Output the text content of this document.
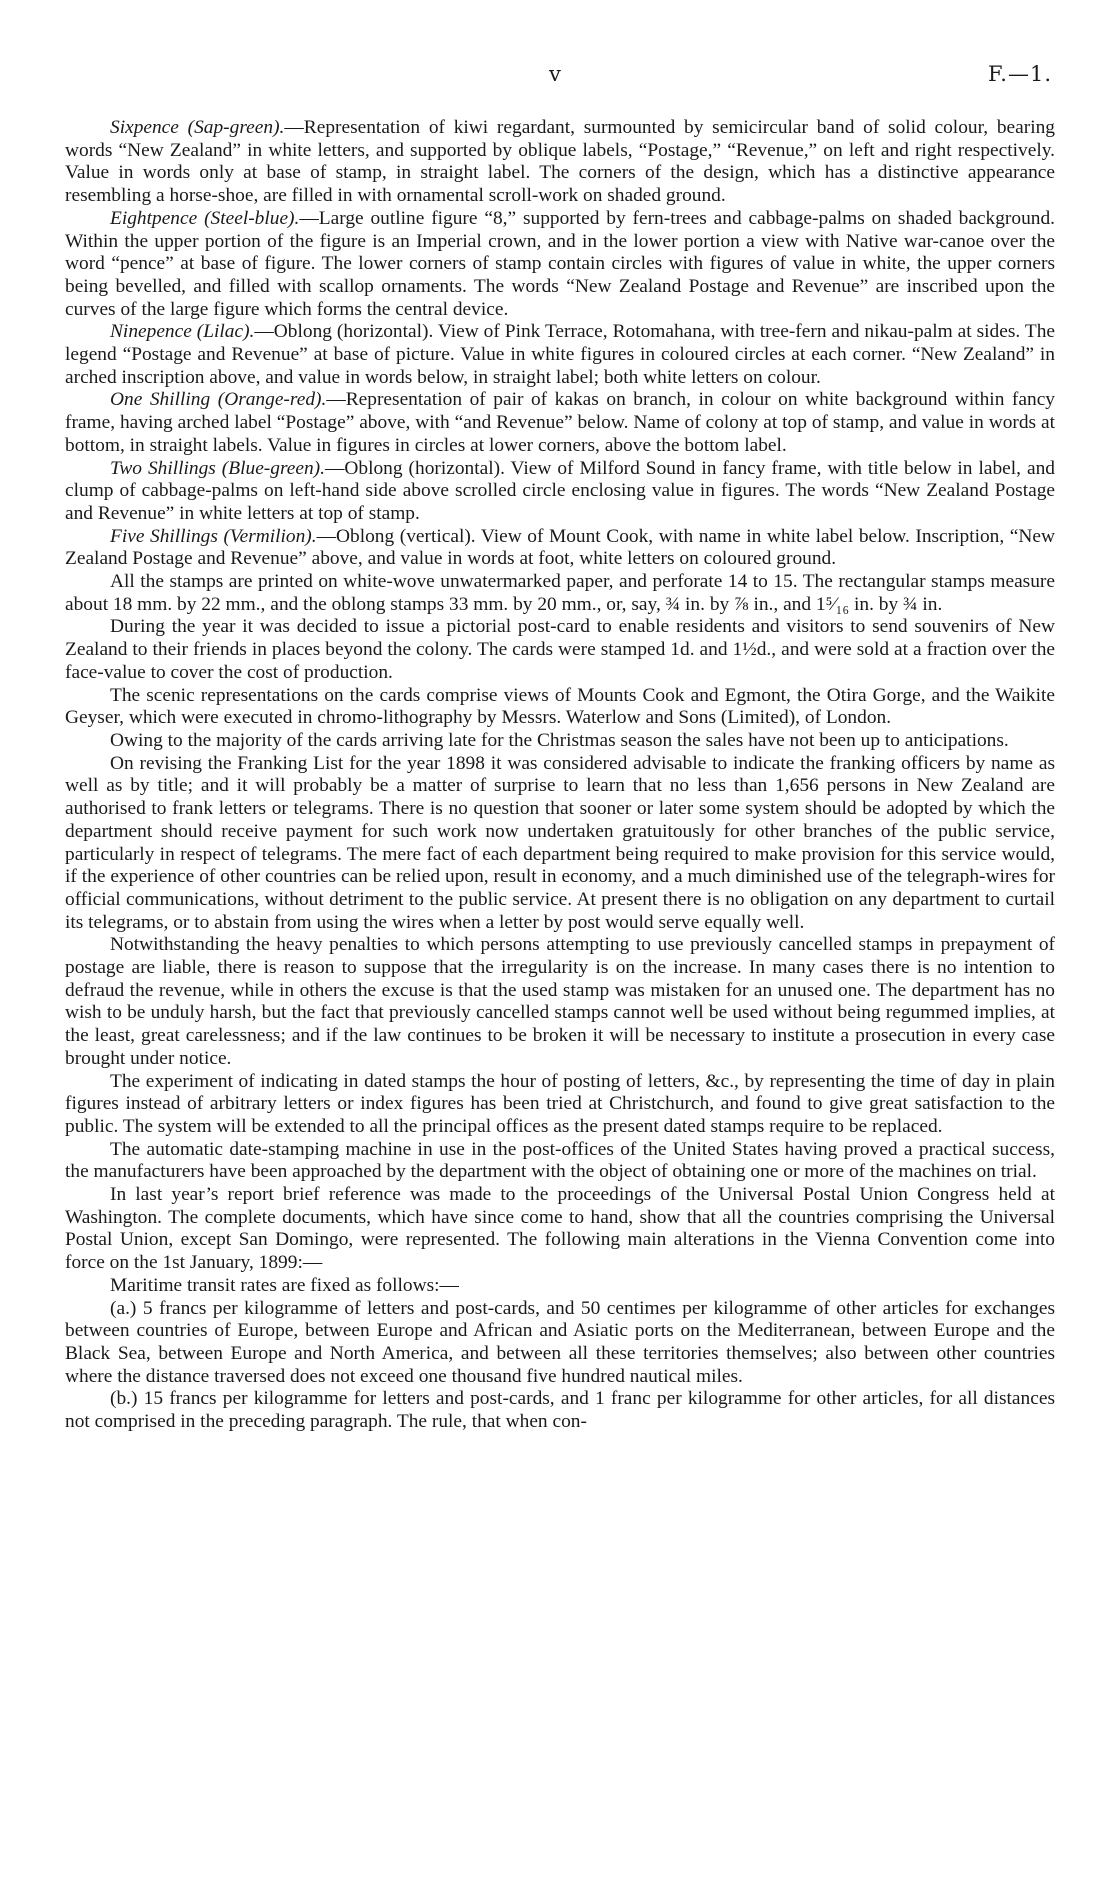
v	F.—1.

Sixpence (Sap-green).—Representation of kiwi regardant, surmounted by semicircular band of solid colour, bearing words “New Zealand” in white letters, and supported by oblique labels, “Postage,” “Revenue,” on left and right respectively. Value in words only at base of stamp, in straight label. The corners of the design, which has a distinctive appearance resembling a horse-shoe, are filled in with ornamental scroll-work on shaded ground.

Eightpence (Steel-blue).—Large outline figure “8,” supported by fern-trees and cabbage-palms on shaded background. Within the upper portion of the figure is an Imperial crown, and in the lower portion a view with Native war-canoe over the word “pence” at base of figure. The lower corners of stamp contain circles with figures of value in white, the upper corners being bevelled, and filled with scallop ornaments. The words “New Zealand Postage and Revenue” are inscribed upon the curves of the large figure which forms the central device.

Ninepence (Lilac).—Oblong (horizontal). View of Pink Terrace, Rotomahana, with tree-fern and nikau-palm at sides. The legend “Postage and Revenue” at base of picture. Value in white figures in coloured circles at each corner. “New Zealand” in arched inscription above, and value in words below, in straight label; both white letters on colour.

One Shilling (Orange-red).—Representation of pair of kakas on branch, in colour on white background within fancy frame, having arched label “Postage” above, with “and Revenue” below. Name of colony at top of stamp, and value in words at bottom, in straight labels. Value in figures in circles at lower corners, above the bottom label.

Two Shillings (Blue-green).—Oblong (horizontal). View of Milford Sound in fancy frame, with title below in label, and clump of cabbage-palms on left-hand side above scrolled circle enclosing value in figures. The words “New Zealand Postage and Revenue” in white letters at top of stamp.

Five Shillings (Vermilion).—Oblong (vertical). View of Mount Cook, with name in white label below. Inscription, “New Zealand Postage and Revenue” above, and value in words at foot, white letters on coloured ground.

All the stamps are printed on white-wove unwatermarked paper, and perforate 14 to 15. The rectangular stamps measure about 18 mm. by 22 mm., and the oblong stamps 33 mm. by 20 mm., or, say, ¾ in. by ⅞ in., and 1⁵⁄₁₆ in. by ¾ in.

During the year it was decided to issue a pictorial post-card to enable residents and visitors to send souvenirs of New Zealand to their friends in places beyond the colony. The cards were stamped 1d. and 1½d., and were sold at a fraction over the face-value to cover the cost of production.

The scenic representations on the cards comprise views of Mounts Cook and Egmont, the Otira Gorge, and the Waikite Geyser, which were executed in chromo-lithography by Messrs. Waterlow and Sons (Limited), of London.

Owing to the majority of the cards arriving late for the Christmas season the sales have not been up to anticipations.

On revising the Franking List for the year 1898 it was considered advisable to indicate the franking officers by name as well as by title; and it will probably be a matter of surprise to learn that no less than 1,656 persons in New Zealand are authorised to frank letters or telegrams. There is no question that sooner or later some system should be adopted by which the department should receive payment for such work now undertaken gratuitously for other branches of the public service, particularly in respect of telegrams. The mere fact of each department being required to make provision for this service would, if the experience of other countries can be relied upon, result in economy, and a much diminished use of the telegraph-wires for official communications, without detriment to the public service. At present there is no obligation on any department to curtail its telegrams, or to abstain from using the wires when a letter by post would serve equally well.

Notwithstanding the heavy penalties to which persons attempting to use previously cancelled stamps in prepayment of postage are liable, there is reason to suppose that the irregularity is on the increase. In many cases there is no intention to defraud the revenue, while in others the excuse is that the used stamp was mistaken for an unused one. The department has no wish to be unduly harsh, but the fact that previously cancelled stamps cannot well be used without being regummed implies, at the least, great carelessness; and if the law continues to be broken it will be necessary to institute a prosecution in every case brought under notice.

The experiment of indicating in dated stamps the hour of posting of letters, &c., by representing the time of day in plain figures instead of arbitrary letters or index figures has been tried at Christchurch, and found to give great satisfaction to the public. The system will be extended to all the principal offices as the present dated stamps require to be replaced.

The automatic date-stamping machine in use in the post-offices of the United States having proved a practical success, the manufacturers have been approached by the department with the object of obtaining one or more of the machines on trial.

In last year’s report brief reference was made to the proceedings of the Universal Postal Union Congress held at Washington. The complete documents, which have since come to hand, show that all the countries comprising the Universal Postal Union, except San Domingo, were represented. The following main alterations in the Vienna Convention come into force on the 1st January, 1899:—

Maritime transit rates are fixed as follows:—

(a.) 5 francs per kilogramme of letters and post-cards, and 50 centimes per kilogramme of other articles for exchanges between countries of Europe, between Europe and African and Asiatic ports on the Mediterranean, between Europe and the Black Sea, between Europe and North America, and between all these territories themselves; also between other countries where the distance traversed does not exceed one thousand five hundred nautical miles.

(b.) 15 francs per kilogramme for letters and post-cards, and 1 franc per kilogramme for other articles, for all distances not comprised in the preceding paragraph. The rule, that when con-
